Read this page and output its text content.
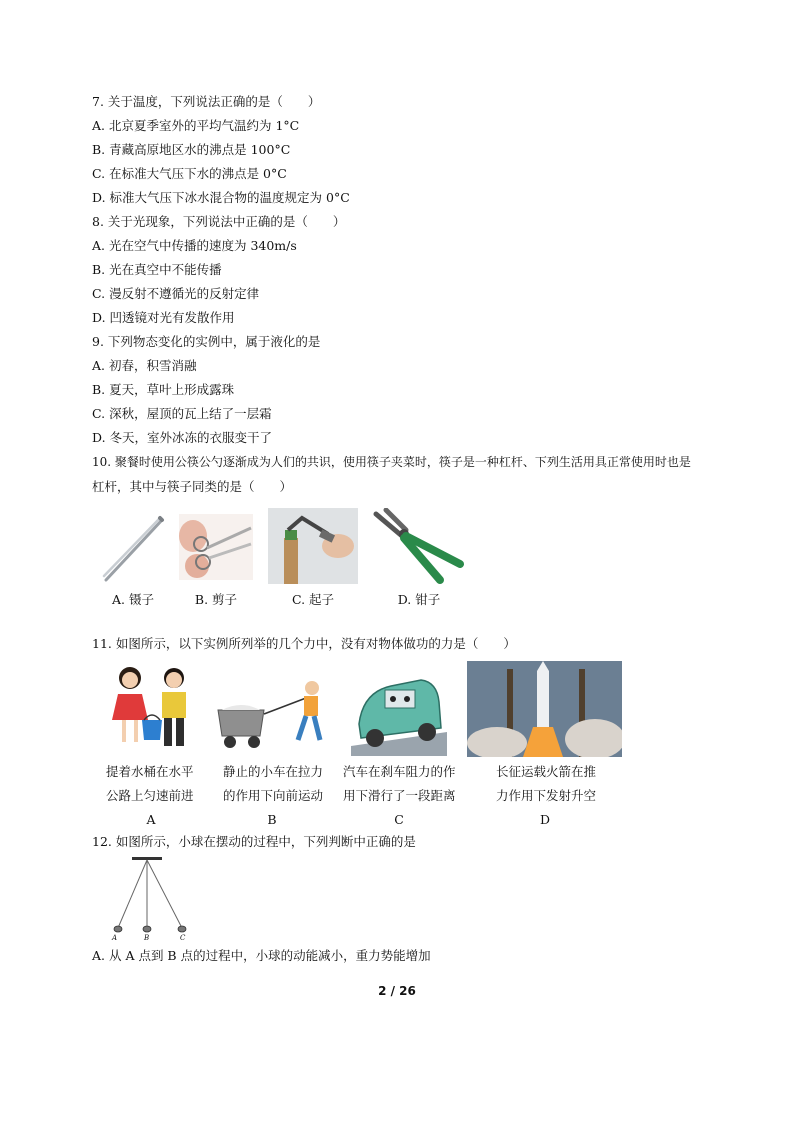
7. 关于温度，下列说法正确的是（　　）
A. 北京夏季室外的平均气温约为 1°C
B. 青藏高原地区水的沸点是 100°C
C. 在标准大气压下水的沸点是 0°C
D. 标准大气压下冰水混合物的温度规定为 0°C
8. 关于光现象，下列说法中正确的是（　　）
A. 光在空气中传播的速度为 340m/s
B. 光在真空中不能传播
C. 漫反射不遵循光的反射定律
D. 凹透镜对光有发散作用
9. 下列物态变化的实例中，属于液化的是
A. 初春，积雪消融
B. 夏天，草叶上形成露珠
C. 深秋，屋顶的瓦上结了一层霜
D. 冬天，室外冰冻的衣服变干了
10. 聚餐时使用公筷公勺逐渐成为人们的共识，使用筷子夹菜时，筷子是一种杠杆、下列生活用具正常使用时也是
杠杆，其中与筷子同类的是（　　）
A. 镊子	B. 剪子	C. 起子	D. 钳子
11. 如图所示，以下实例所列举的几个力中，没有对物体做功的力是（　　）
提着水桶在水平
公路上匀速前进
A
静止的小车在拉力
的作用下向前运动
B
汽车在刹车阻力的作
用下滑行了一段距离
C
长征运载火箭在推
力作用下发射升空
D
12. 如图所示，小球在摆动的过程中，下列判断中正确的是
A	B	C
A. 从 A 点到 B 点的过程中，小球的动能减小，重力势能增加
2 / 26
